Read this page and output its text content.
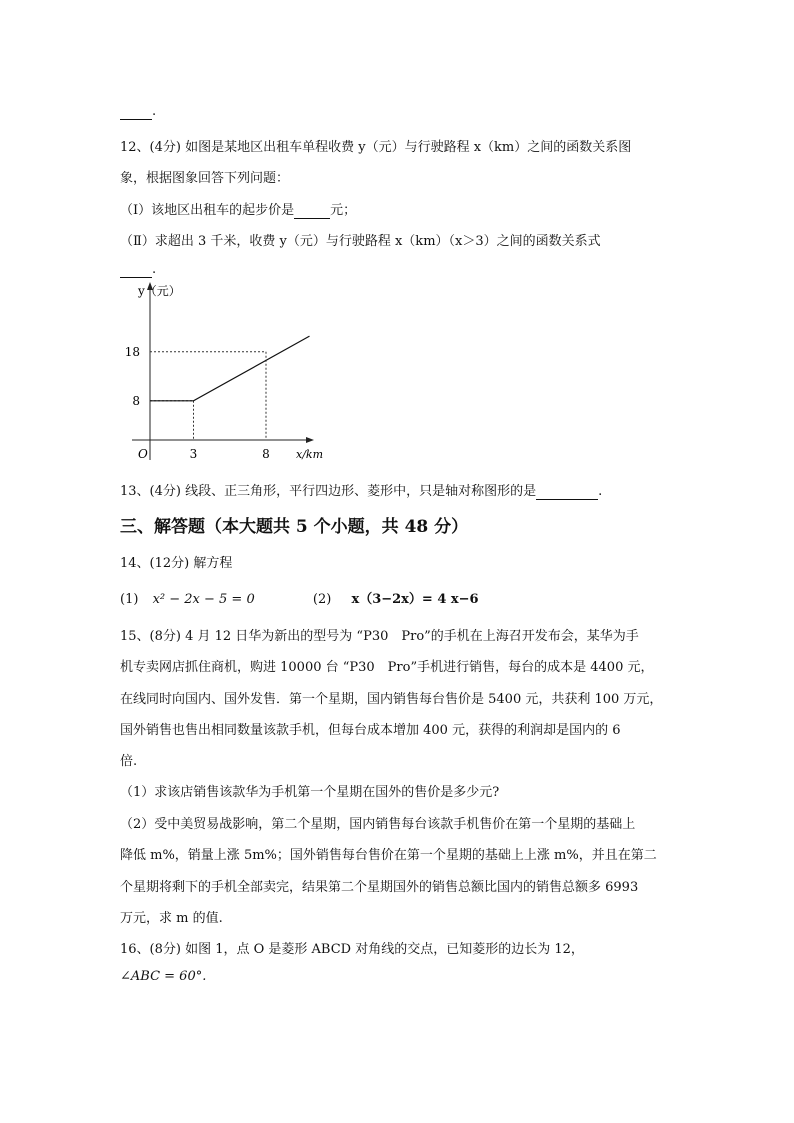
.
12、(4分) 如图是某地区出租车单程收费 y（元）与行驶路程 x（km）之间的函数关系图
象，根据图象回答下列问题：
（Ⅰ）该地区出租车的起步价是	元；
（Ⅱ）求超出 3 千米，收费 y（元）与行驶路程 x（km）（x＞3）之间的函数关系式
.
3	8
8
18
O
y（元）
x/km
13、(4分) 线段、正三角形，平行四边形、菱形中，只是轴对称图形的是	.
三、解答题（本大题共 5 个小题，共 48 分）
14、(12分) 解方程
(1) x² − 2x − 5 = 0	(2) x（3−2x）= 4 x−6
15、(8分) 4 月 12 日华为新出的型号为 “P30　Pro”的手机在上海召开发布会，某华为手
机专卖网店抓住商机，购进 10000 台 “P30　Pro”手机进行销售，每台的成本是 4400 元，
在线同时向国内、国外发售．第一个星期，国内销售每台售价是 5400 元，共获利 100 万元，
国外销售也售出相同数量该款手机，但每台成本增加 400 元，获得的利润却是国内的 6
倍.
（1）求该店销售该款华为手机第一个星期在国外的售价是多少元?
（2）受中美贸易战影响，第二个星期，国内销售每台该款手机售价在第一个星期的基础上
降低 m%，销量上涨 5m%；国外销售每台售价在第一个星期的基础上上涨 m%，并且在第二
个星期将剩下的手机全部卖完，结果第二个星期国外的销售总额比国内的销售总额多 6993
万元，求 m 的值.
16、(8分) 如图 1，点 O 是菱形 ABCD 对角线的交点，已知菱形的边长为 12，
∠ABC = 60°.
